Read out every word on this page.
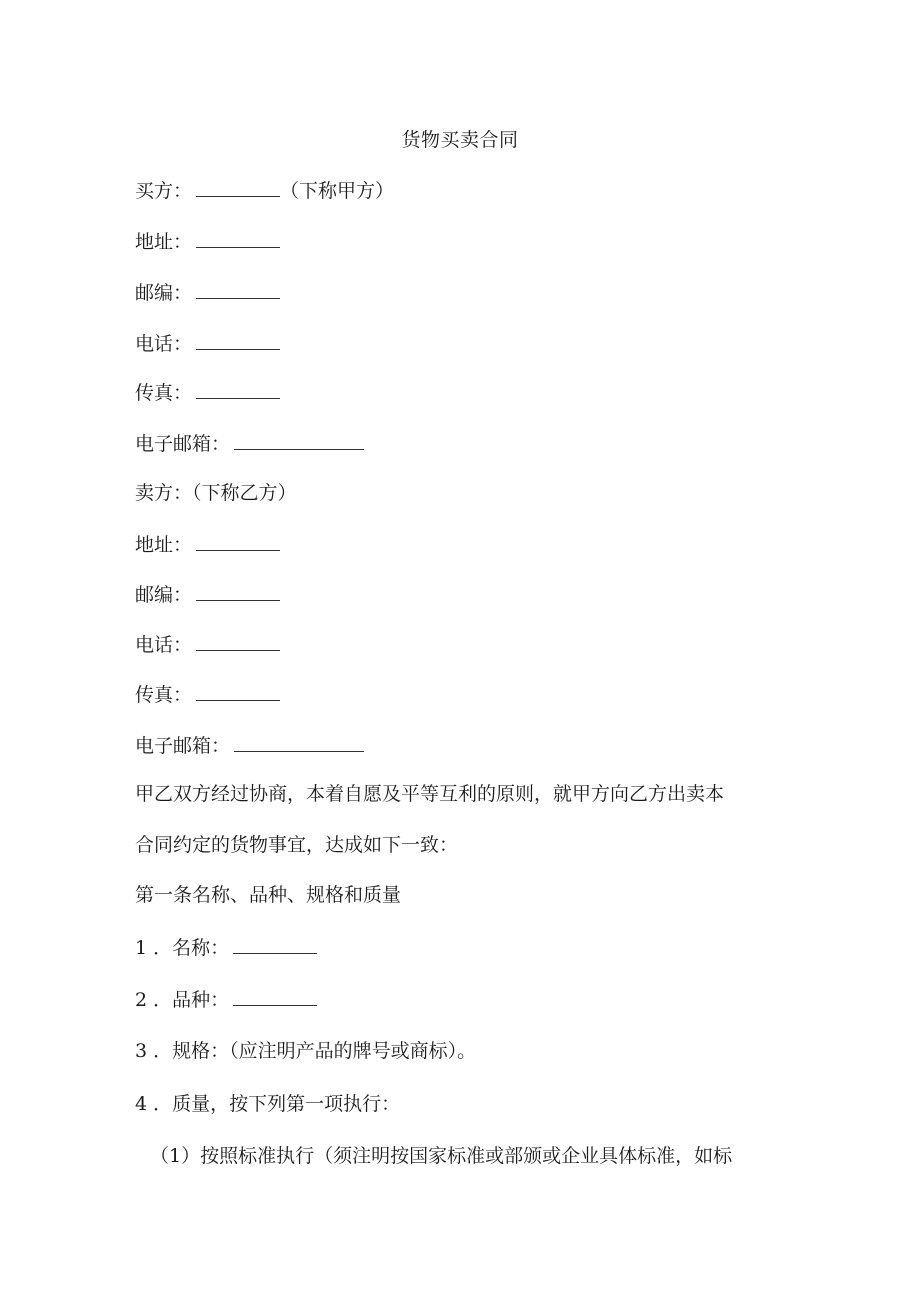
货物买卖合同
买方：	（下称甲方）
地址：
邮编：
电话：
传真：
电子邮箱：
卖方：（下称乙方）
地址：
邮编：
电话：
传真：
电子邮箱：
甲乙双方经过协商，本着自愿及平等互利的原则，就甲方向乙方出卖本
合同约定的货物事宜，达成如下一致：
第一条名称、品种、规格和质量
1 ．名称：
2 ．品种：
3 ．规格：（应注明产品的牌号或商标）。
4 ．质量，按下列第一项执行：
（1）按照标准执行（须注明按国家标准或部颁或企业具体标准，如标
